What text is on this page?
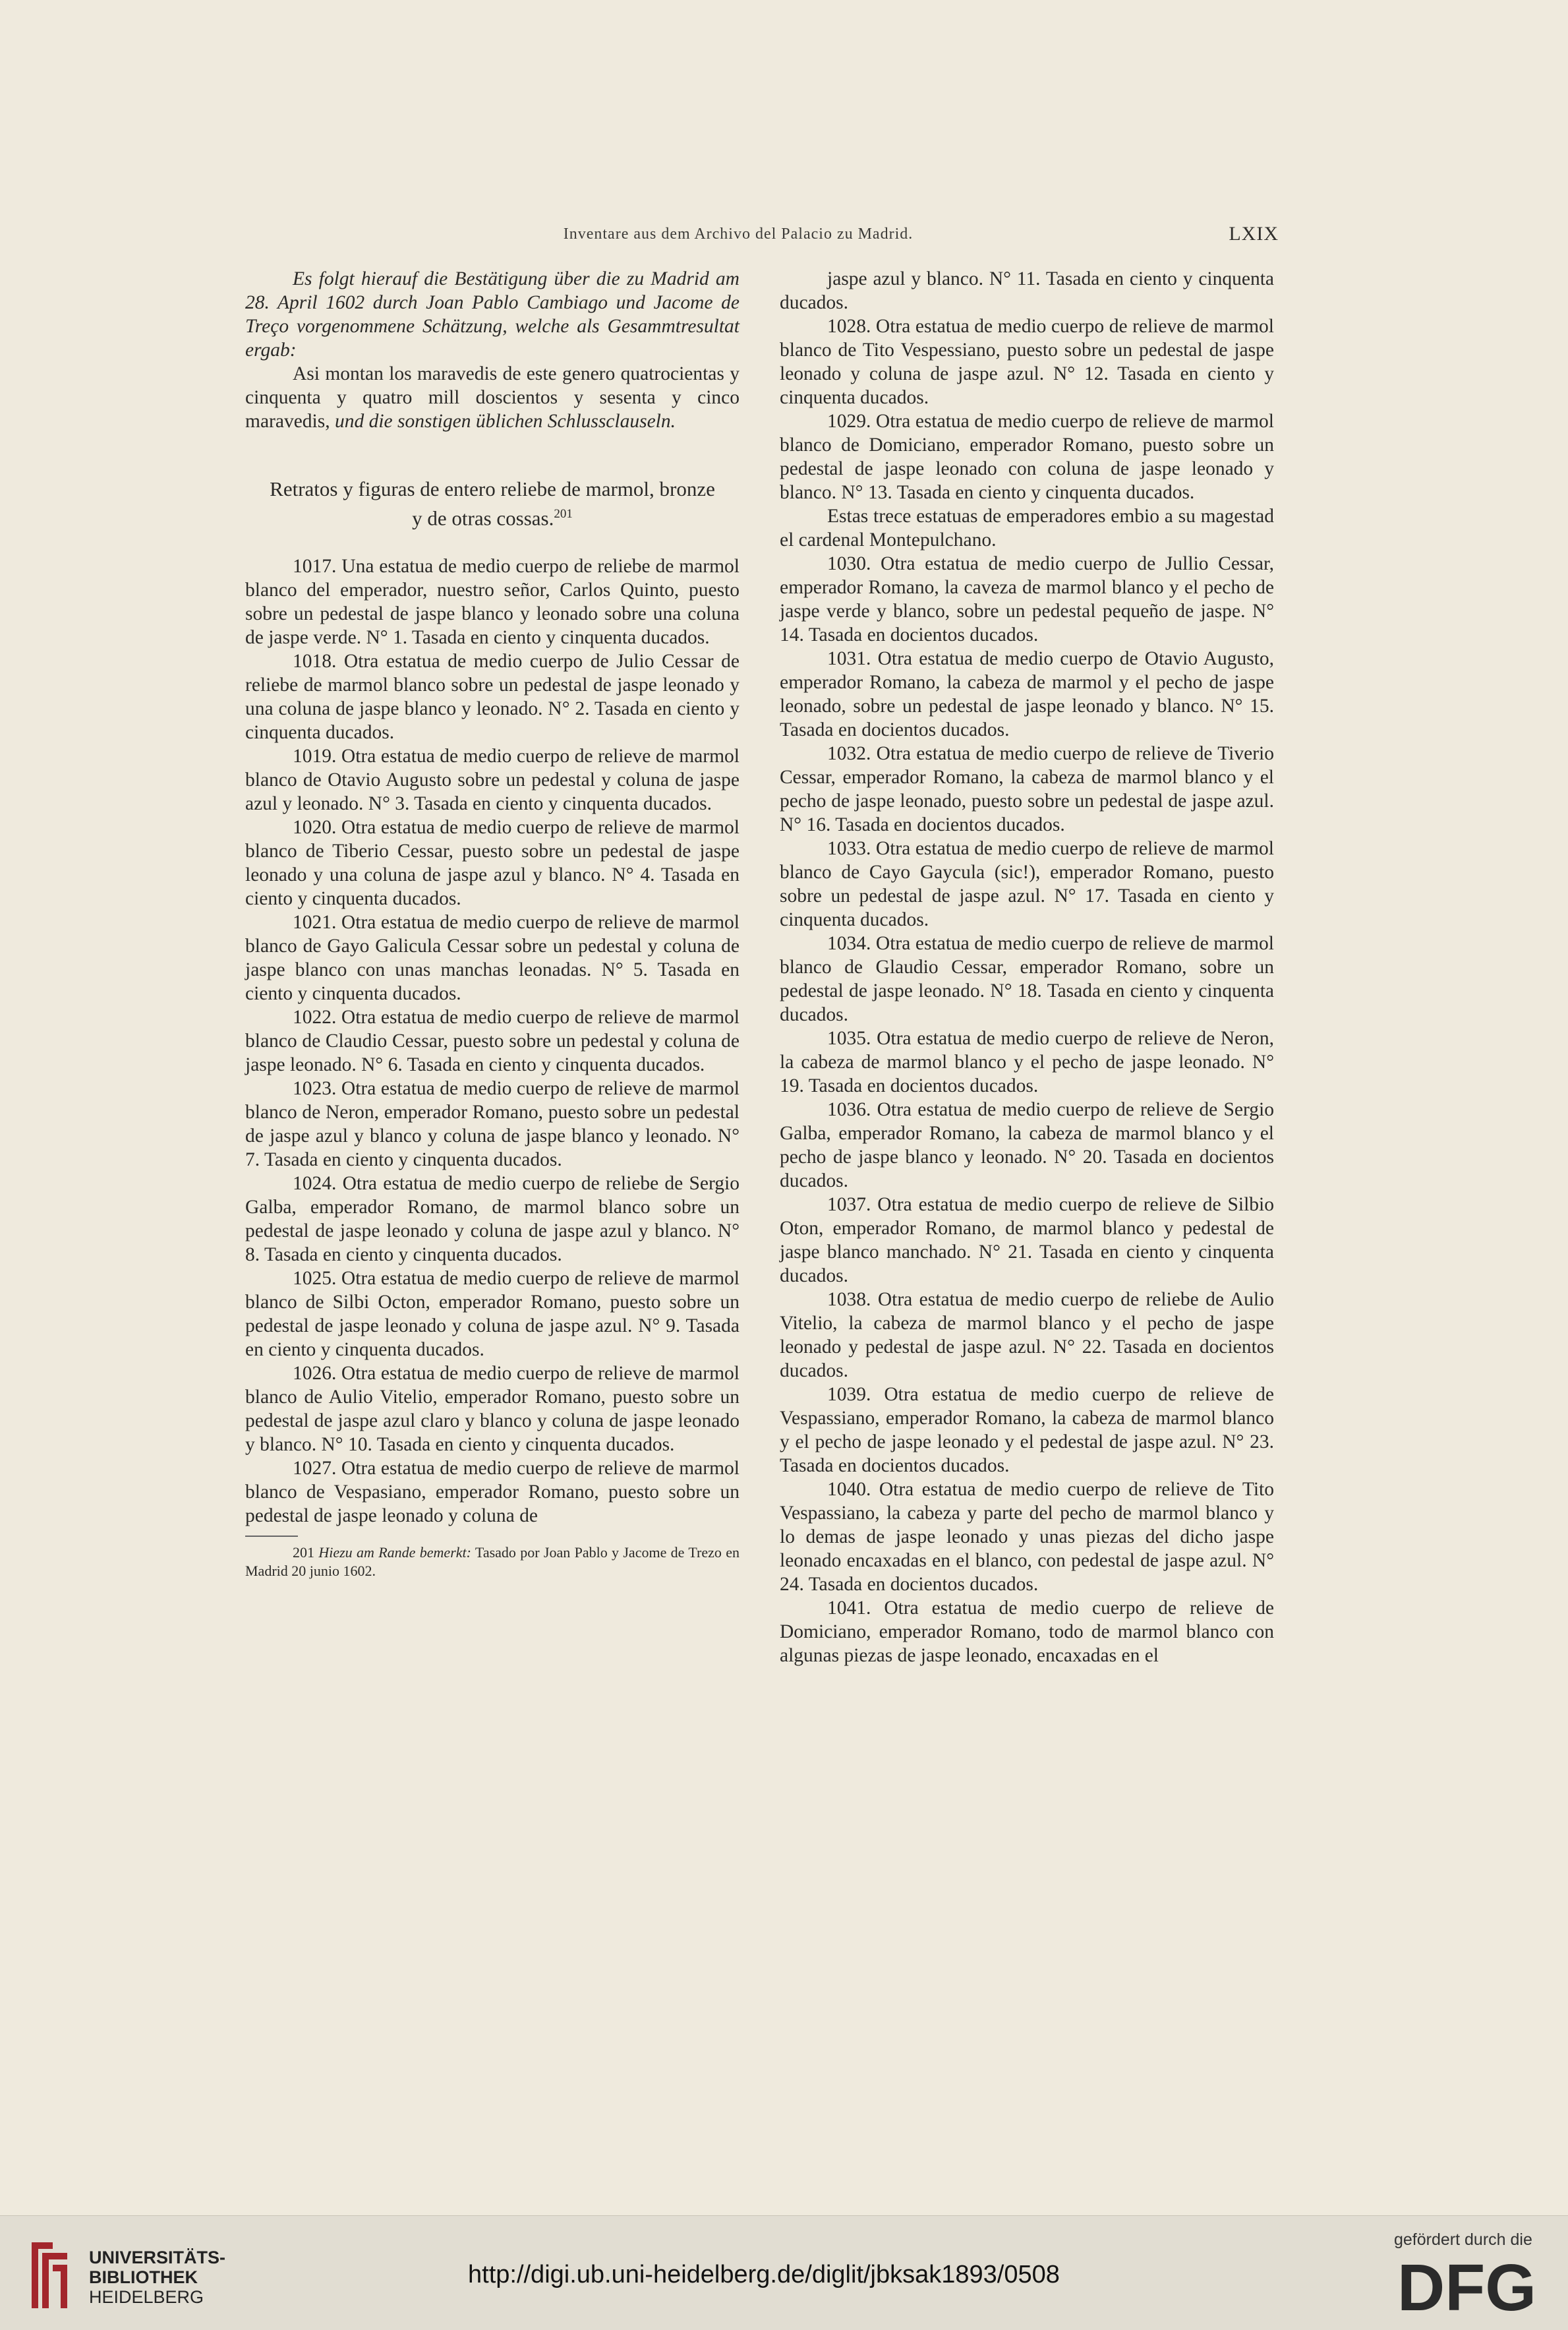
Inventare aus dem Archivo del Palacio zu Madrid.	LXIX

Es folgt hierauf die Bestätigung über die zu Madrid am 28. April 1602 durch Joan Pablo Cambiago und Jacome de Treço vorgenommene Schätzung, welche als Gesammtresultat ergab:

Asi montan los maravedis de este genero quatrocientas y cinquenta y quatro mill doscientos y sesenta y cinco maravedis, und die sonstigen üblichen Schlussclauseln.

Retratos y figuras de entero reliebe de marmol, bronze
y de otras cossas.$^{201}$

1017. Una estatua de medio cuerpo de reliebe de marmol blanco del emperador, nuestro señor, Carlos Quinto, puesto sobre un pedestal de jaspe blanco y leonado sobre una coluna de jaspe verde. N° 1. Tasada en ciento y cinquenta ducados.

1018. Otra estatua de medio cuerpo de Julio Cessar de reliebe de marmol blanco sobre un pedestal de jaspe leonado y una coluna de jaspe blanco y leonado. N° 2. Tasada en ciento y cinquenta ducados.

1019. Otra estatua de medio cuerpo de relieve de marmol blanco de Otavio Augusto sobre un pedestal y coluna de jaspe azul y leonado. N° 3. Tasada en ciento y cinquenta ducados.

1020. Otra estatua de medio cuerpo de relieve de marmol blanco de Tiberio Cessar, puesto sobre un pedestal de jaspe leonado y una coluna de jaspe azul y blanco. N° 4. Tasada en ciento y cinquenta ducados.

1021. Otra estatua de medio cuerpo de relieve de marmol blanco de Gayo Galicula Cessar sobre un pedestal y coluna de jaspe blanco con unas manchas leonadas. N° 5. Tasada en ciento y cinquenta ducados.

1022. Otra estatua de medio cuerpo de relieve de marmol blanco de Claudio Cessar, puesto sobre un pedestal y coluna de jaspe leonado. N° 6. Tasada en ciento y cinquenta ducados.

1023. Otra estatua de medio cuerpo de relieve de marmol blanco de Neron, emperador Romano, puesto sobre un pedestal de jaspe azul y blanco y coluna de jaspe blanco y leonado. N° 7. Tasada en ciento y cinquenta ducados.

1024. Otra estatua de medio cuerpo de reliebe de Sergio Galba, emperador Romano, de marmol blanco sobre un pedestal de jaspe leonado y coluna de jaspe azul y blanco. N° 8. Tasada en ciento y cinquenta ducados.

1025. Otra estatua de medio cuerpo de relieve de marmol blanco de Silbi Octon, emperador Romano, puesto sobre un pedestal de jaspe leonado y coluna de jaspe azul. N° 9. Tasada en ciento y cinquenta ducados.

1026. Otra estatua de medio cuerpo de relieve de marmol blanco de Aulio Vitelio, emperador Romano, puesto sobre un pedestal de jaspe azul claro y blanco y coluna de jaspe leonado y blanco. N° 10. Tasada en ciento y cinquenta ducados.

1027. Otra estatua de medio cuerpo de relieve de marmol blanco de Vespasiano, emperador Romano, puesto sobre un pedestal de jaspe leonado y coluna de

201 Hiezu am Rande bemerkt: Tasado por Joan Pablo y Jacome de Trezo en Madrid 20 junio 1602.

jaspe azul y blanco. N° 11. Tasada en ciento y cinquenta ducados.

1028. Otra estatua de medio cuerpo de relieve de marmol blanco de Tito Vespessiano, puesto sobre un pedestal de jaspe leonado y coluna de jaspe azul. N° 12. Tasada en ciento y cinquenta ducados.

1029. Otra estatua de medio cuerpo de relieve de marmol blanco de Domiciano, emperador Romano, puesto sobre un pedestal de jaspe leonado con coluna de jaspe leonado y blanco. N° 13. Tasada en ciento y cinquenta ducados.

Estas trece estatuas de emperadores embio a su magestad el cardenal Montepulchano.

1030. Otra estatua de medio cuerpo de Jullio Cessar, emperador Romano, la caveza de marmol blanco y el pecho de jaspe verde y blanco, sobre un pedestal pequeño de jaspe. N° 14. Tasada en docientos ducados.

1031. Otra estatua de medio cuerpo de Otavio Augusto, emperador Romano, la cabeza de marmol y el pecho de jaspe leonado, sobre un pedestal de jaspe leonado y blanco. N° 15. Tasada en docientos ducados.

1032. Otra estatua de medio cuerpo de relieve de Tiverio Cessar, emperador Romano, la cabeza de marmol blanco y el pecho de jaspe leonado, puesto sobre un pedestal de jaspe azul. N° 16. Tasada en docientos ducados.

1033. Otra estatua de medio cuerpo de relieve de marmol blanco de Cayo Gaycula (sic!), emperador Romano, puesto sobre un pedestal de jaspe azul. N° 17. Tasada en ciento y cinquenta ducados.

1034. Otra estatua de medio cuerpo de relieve de marmol blanco de Glaudio Cessar, emperador Romano, sobre un pedestal de jaspe leonado. N° 18. Tasada en ciento y cinquenta ducados.

1035. Otra estatua de medio cuerpo de relieve de Neron, la cabeza de marmol blanco y el pecho de jaspe leonado. N° 19. Tasada en docientos ducados.

1036. Otra estatua de medio cuerpo de relieve de Sergio Galba, emperador Romano, la cabeza de marmol blanco y el pecho de jaspe blanco y leonado. N° 20. Tasada en docientos ducados.

1037. Otra estatua de medio cuerpo de relieve de Silbio Oton, emperador Romano, de marmol blanco y pedestal de jaspe blanco manchado. N° 21. Tasada en ciento y cinquenta ducados.

1038. Otra estatua de medio cuerpo de reliebe de Aulio Vitelio, la cabeza de marmol blanco y el pecho de jaspe leonado y pedestal de jaspe azul. N° 22. Tasada en docientos ducados.

1039. Otra estatua de medio cuerpo de relieve de Vespassiano, emperador Romano, la cabeza de marmol blanco y el pecho de jaspe leonado y el pedestal de jaspe azul. N° 23. Tasada en docientos ducados.

1040. Otra estatua de medio cuerpo de relieve de Tito Vespassiano, la cabeza y parte del pecho de marmol blanco y lo demas de jaspe leonado y unas piezas del dicho jaspe leonado encaxadas en el blanco, con pedestal de jaspe azul. N° 24. Tasada en docientos ducados.

1041. Otra estatua de medio cuerpo de relieve de Domiciano, emperador Romano, todo de marmol blanco con algunas piezas de jaspe leonado, encaxadas en el

UNIVERSITÄTS-
BIBLIOTHEK
HEIDELBERG
http://digi.ub.uni-heidelberg.de/diglit/jbksak1893/0508
gefördert durch die
DFG
